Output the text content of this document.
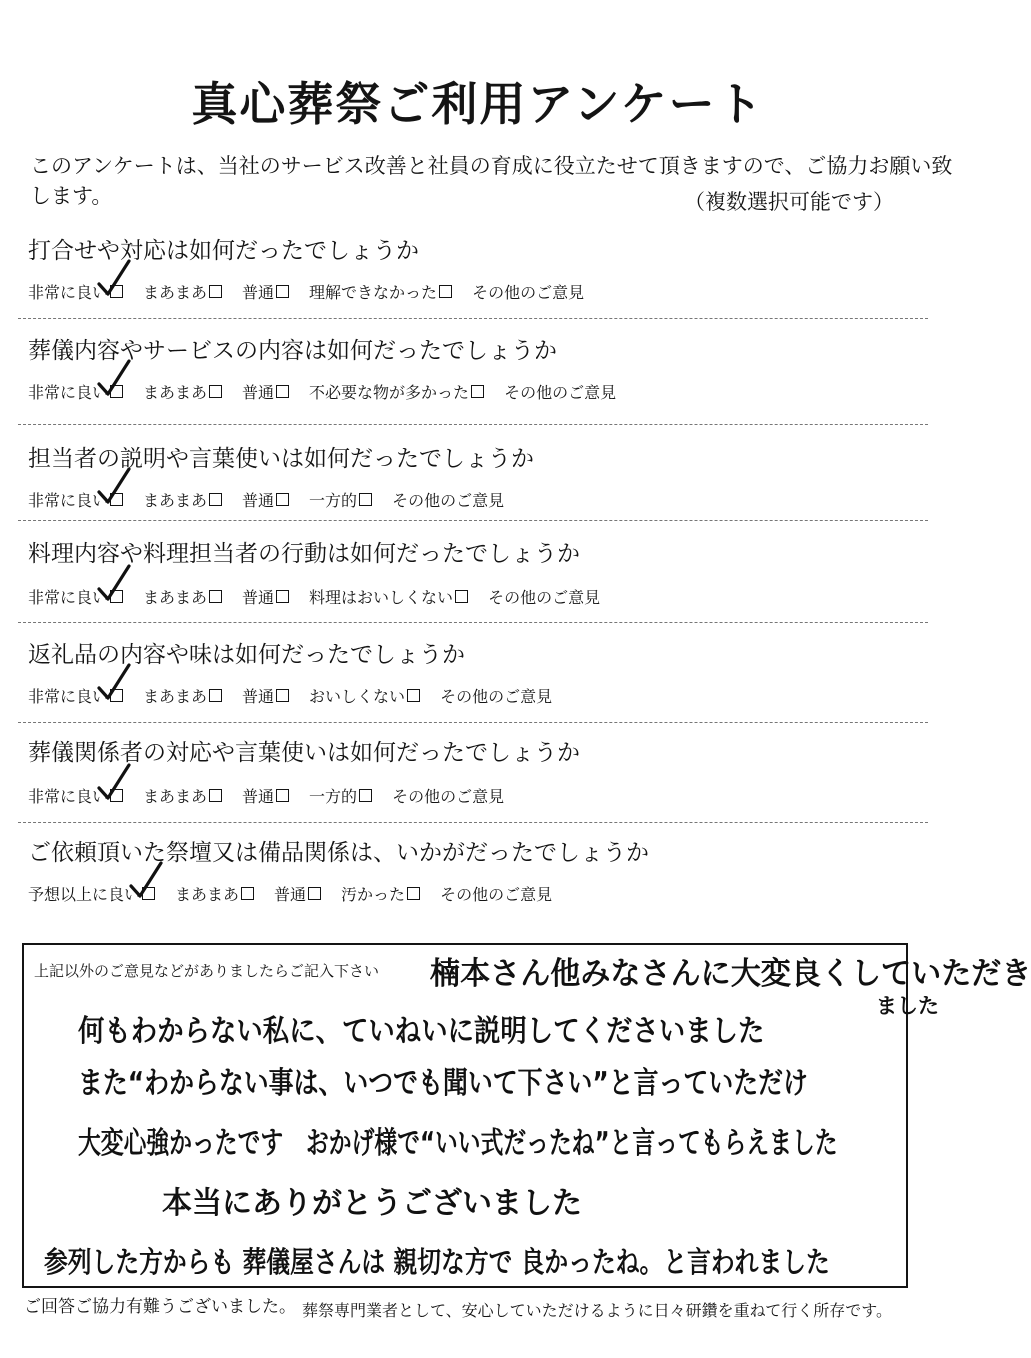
真心葬祭ご利用アンケート
このアンケートは、当社のサービス改善と社員の育成に役立たせて頂きますので、ご協力お願い致します。	（複数選択可能です）
打合せや対応は如何だったでしょうか
非常に良い まあまあ 普通 理解できなかった その他のご意見
葬儀内容やサービスの内容は如何だったでしょうか
非常に良い まあまあ 普通 不必要な物が多かった その他のご意見
担当者の説明や言葉使いは如何だったでしょうか
非常に良い まあまあ 普通 一方的 その他のご意見
料理内容や料理担当者の行動は如何だったでしょうか
非常に良い まあまあ 普通 料理はおいしくない その他のご意見
返礼品の内容や味は如何だったでしょうか
非常に良い まあまあ 普通 おいしくない その他のご意見
葬儀関係者の対応や言葉使いは如何だったでしょうか
非常に良い まあまあ 普通 一方的 その他のご意見
ご依頼頂いた祭壇又は備品関係は、いかがだったでしょうか
予想以上に良い まあまあ 普通 汚かった その他のご意見
上記以外のご意見などがありましたらご記入下さい 楠本さん他みなさんに大変良くしていただき
ました
何もわからない私に、ていねいに説明してくださいました
また“わからない事は、いつでも聞いて下さい”と言っていただけ
大変心強かったです　おかげ様で“いい式だったね”と言ってもらえました
本当にありがとうございました
参列した方からも 葬儀屋さんは 親切な方で 良かったね。と言われました
ご回答ご協力有難うございました。 葬祭専門業者として、安心していただけるように日々研鑽を重ねて行く所存です。
